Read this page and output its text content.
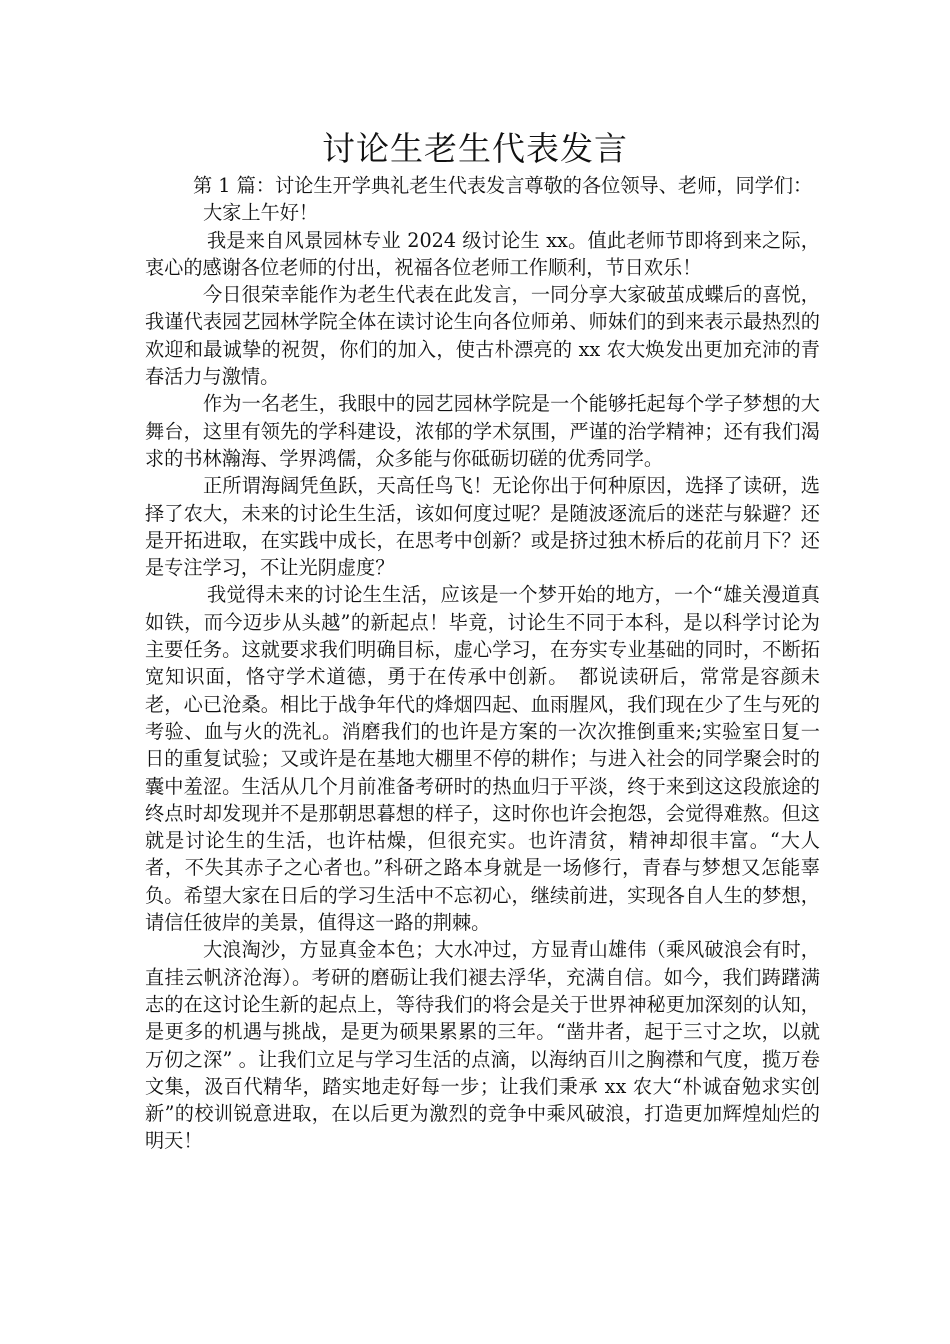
讨论生老生代表发言

第 1 篇：讨论生开学典礼老生代表发言尊敬的各位领导、老师，同学们：

大家上午好！

我是来自风景园林专业 2024 级讨论生 xx。值此老师节即将到来之际，衷心的感谢各位老师的付出，祝福各位老师工作顺利，节日欢乐！

今日很荣幸能作为老生代表在此发言，一同分享大家破茧成蝶后的喜悦，我谨代表园艺园林学院全体在读讨论生向各位师弟、师妹们的到来表示最热烈的欢迎和最诚挚的祝贺，你们的加入，使古朴漂亮的 xx 农大焕发出更加充沛的青春活力与激情。

作为一名老生，我眼中的园艺园林学院是一个能够托起每个学子梦想的大舞台，这里有领先的学科建设，浓郁的学术氛围，严谨的治学精神；还有我们渴求的书林瀚海、学界鸿儒，众多能与你砥砺切磋的优秀同学。

正所谓海阔凭鱼跃，天高任鸟飞！无论你出于何种原因，选择了读研，选择了农大，未来的讨论生生活，该如何度过呢？是随波逐流后的迷茫与躲避？还是开拓进取，在实践中成长，在思考中创新？或是挤过独木桥后的花前月下？还是专注学习，不让光阴虚度？

我觉得未来的讨论生生活，应该是一个梦开始的地方，一个“雄关漫道真如铁，而今迈步从头越”的新起点！毕竟，讨论生不同于本科，是以科学讨论为主要任务。这就要求我们明确目标，虚心学习，在夯实专业基础的同时，不断拓宽知识面，恪守学术道德，勇于在传承中创新。　都说读研后，常常是容颜未老，心已沧桑。相比于战争年代的烽烟四起、血雨腥风，我们现在少了生与死的考验、血与火的洗礼。消磨我们的也许是方案的一次次推倒重来;实验室日复一日的重复试验；又或许是在基地大棚里不停的耕作；与进入社会的同学聚会时的囊中羞涩。生活从几个月前准备考研时的热血归于平淡，终于来到这这段旅途的终点时却发现并不是那朝思暮想的样子，这时你也许会抱怨，会觉得难熬。但这就是讨论生的生活，也许枯燥，但很充实。也许清贫，精神却很丰富。“大人者，不失其赤子之心者也。”科研之路本身就是一场修行，青春与梦想又怎能辜负。希望大家在日后的学习生活中不忘初心，继续前进，实现各自人生的梦想，请信任彼岸的美景，值得这一路的荆棘。

大浪淘沙，方显真金本色；大水冲过，方显青山雄伟（乘风破浪会有时，直挂云帆济沧海）。考研的磨砺让我们褪去浮华，充满自信。如今，我们踌躇满志的在这讨论生新的起点上，等待我们的将会是关于世界神秘更加深刻的认知，是更多的机遇与挑战，是更为硕果累累的三年。“凿井者，起于三寸之坎，以就万仞之深” 。让我们立足与学习生活的点滴，以海纳百川之胸襟和气度，揽万卷文集，汲百代精华，踏实地走好每一步；让我们秉承 xx 农大“朴诚奋勉求实创新”的校训锐意进取，在以后更为激烈的竞争中乘风破浪，打造更加辉煌灿烂的明天！
